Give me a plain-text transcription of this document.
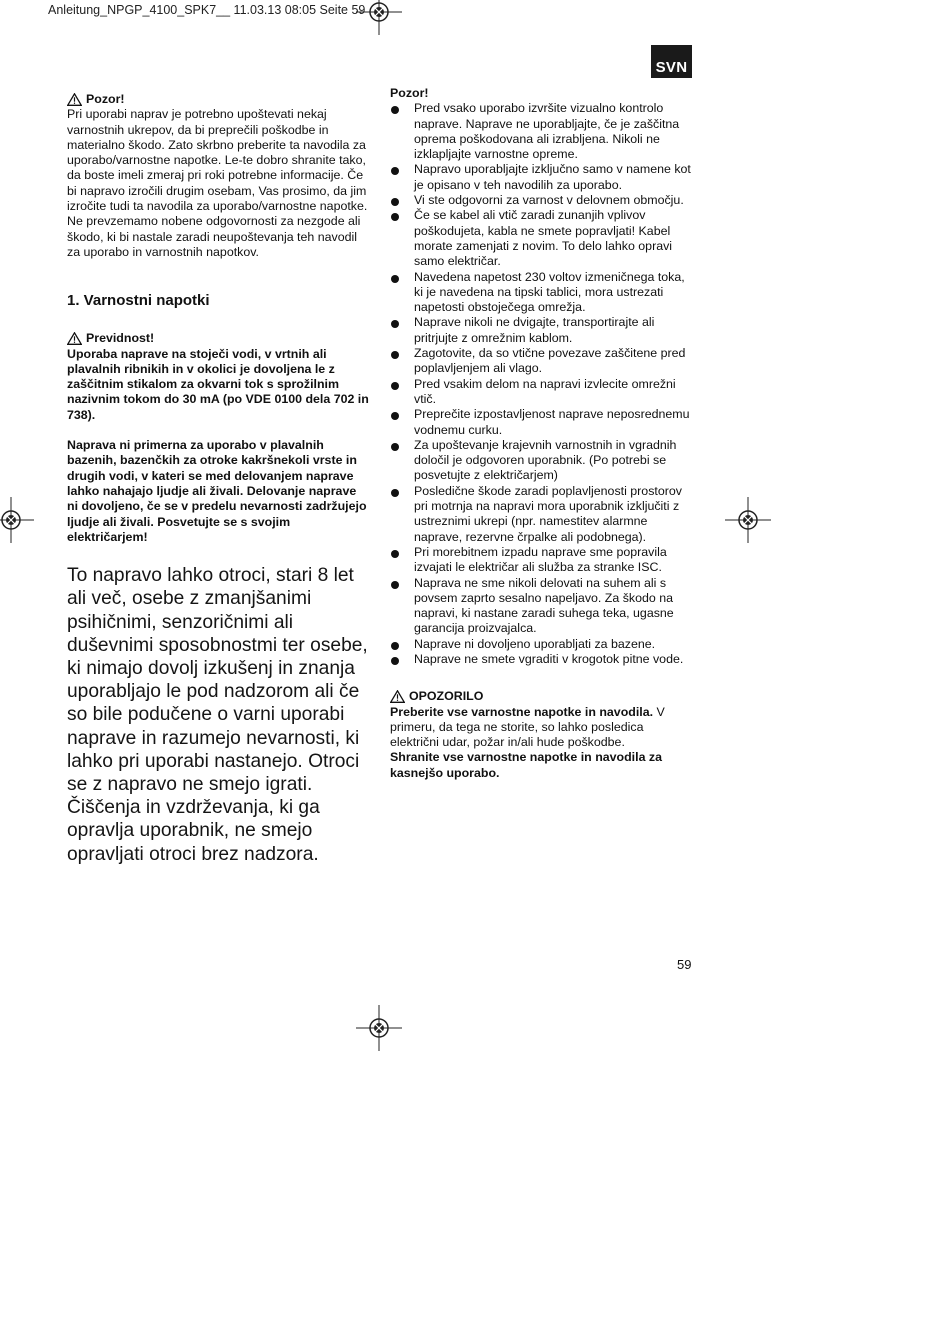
Anleitung_NPGP_4100_SPK7__ 11.03.13 08:05 Seite 59
SVN
Pozor!

Pri uporabi naprav je potrebno upoštevati nekaj varnostnih ukrepov, da bi preprečili poškodbe in materialno škodo. Zato skrbno preberite ta navodila za uporabo/varnostne napotke. Le-te dobro shranite tako, da boste imeli zmeraj pri roki potrebne informacije. Če bi napravo izročili drugim osebam, Vas prosimo, da jim izročite tudi ta navodila za uporabo/varnostne napotke. Ne prevzemamo nobene odgovornosti za nezgode ali škodo, ki bi nastale zaradi neupoštevanja teh navodil za uporabo in varnostnih napotkov.

1. Varnostni napotki

Previdnost!

Uporaba naprave na stoječi vodi, v vrtnih ali plavalnih ribnikih in v okolici je dovoljena le z zaščitnim stikalom za okvarni tok s sprožilnim nazivnim tokom do 30 mA (po VDE 0100 dela 702 in 738).

Naprava ni primerna za uporabo v plavalnih bazenih, bazenčkih za otroke kakršnekoli vrste in drugih vodi, v kateri se med delovanjem naprave lahko nahajajo ljudje ali živali. Delovanje naprave ni dovoljeno, če se v predelu nevarnosti zadržujejo ljudje ali živali. Posvetujte se s svojim električarjem!

To napravo lahko otroci, stari 8 let ali več, osebe z zmanjšanimi psihičnimi, senzoričnimi ali duševnimi sposobnostmi ter osebe, ki nimajo dovolj izkušenj in znanja uporabljajo le pod nadzorom ali če so bile podučene o varni uporabi naprave in razumejo nevarnosti, ki lahko pri uporabi nastanejo. Otroci se z napravo ne smejo igrati. Čiščenja in vzdrževanja, ki ga opravlja uporabnik, ne smejo opravljati otroci brez nadzora.

Pozor!

Pred vsako uporabo izvršite vizualno kontrolo naprave. Naprave ne uporabljajte, če je zaščitna oprema poškodovana ali izrabljena. Nikoli ne izklapljajte varnostne opreme.
Napravo uporabljajte izključno samo v namene kot je opisano v teh navodilih za uporabo.
Vi ste odgovorni za varnost v delovnem območju.
Če se kabel ali vtič zaradi zunanjih vplivov poškodujeta, kabla ne smete popravljati! Kabel morate zamenjati z novim. To delo lahko opravi samo električar.
Navedena napetost 230 voltov izmeničnega toka, ki je navedena na tipski tablici, mora ustrezati napetosti obstoječega omrežja.
Naprave nikoli ne dvigajte, transportirajte ali pritrjujte z omrežnim kablom.
Zagotovite, da so vtične povezave zaščitene pred poplavljenjem ali vlago.
Pred vsakim delom na napravi izvlecite omrežni vtič.
Preprečite izpostavljenost naprave neposrednemu vodnemu curku.
Za upoštevanje krajevnih varnostnih in vgradnih določil je odgovoren uporabnik. (Po potrebi se posvetujte z električarjem)
Posledične škode zaradi poplavljenosti prostorov pri motrnja na napravi mora uporabnik izključiti z ustreznimi ukrepi (npr. namestitev alarmne naprave, rezervne črpalke ali podobnega).
Pri morebitnem izpadu naprave sme popravila izvajati le električar ali služba za stranke ISC.
Naprava ne sme nikoli delovati na suhem ali s povsem zaprto sesalno napeljavo. Za škodo na napravi, ki nastane zaradi suhega teka, ugasne garancija proizvajalca.
Naprave ni dovoljeno uporabljati za bazene.
Naprave ne smete vgraditi v krogotok pitne vode.
OPOZORILO

Preberite vse varnostne napotke in navodila. V primeru, da tega ne storite, so lahko posledica električni udar, požar in/ali hude poškodbe.

Shranite vse varnostne napotke in navodila za kasnejšo uporabo.

59
